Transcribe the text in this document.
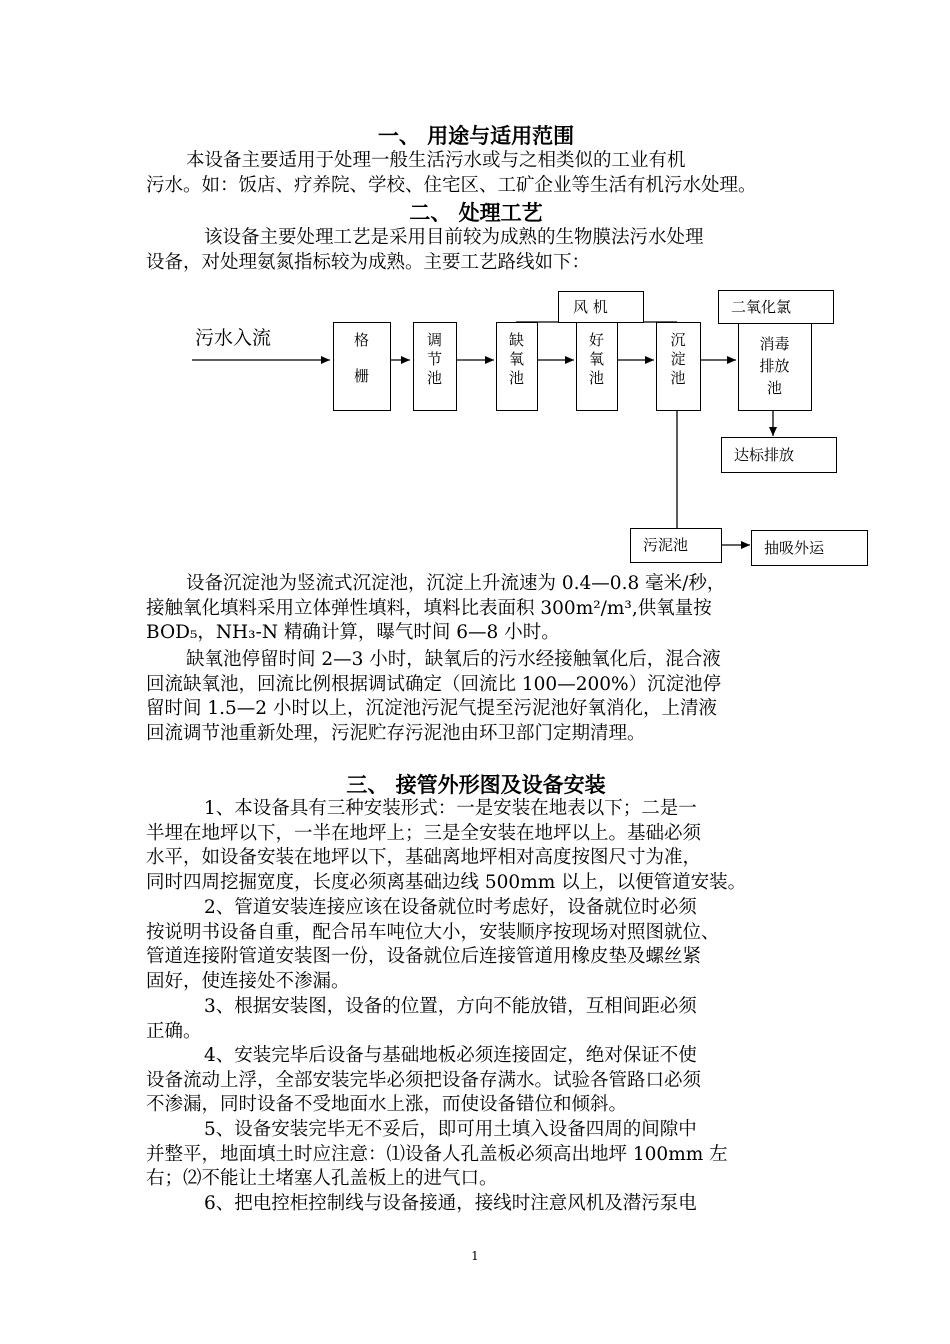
一、 用途与适用范围

本设备主要适用于处理一般生活污水或与之相类似的工业有机
污水。如：饭店、疗养院、学校、住宅区、工矿企业等生活有机污水处理。

二、 处理工艺

该设备主要处理工艺是采用目前较为成熟的生物膜法污水处理
设备，对处理氨氮指标较为成熟。主要工艺路线如下：

污水入流	格

栅
调
节
池
缺
氧
池
好
氧
池
沉
淀
池
消毒
排放
池
风 机	二氧化氯
达标排放
污泥池	抽吸外运

设备沉淀池为竖流式沉淀池，沉淀上升流速为 0.4—0.8 毫米/秒，
接触氧化填料采用立体弹性填料，填料比表面积 300m²/m³,供氧量按
BOD₅，NH₃-N 精确计算，曝气时间 6—8 小时。

缺氧池停留时间 2—3 小时，缺氧后的污水经接触氧化后，混合液
回流缺氧池，回流比例根据调试确定（回流比 100—200%）沉淀池停
留时间 1.5—2 小时以上，沉淀池污泥气提至污泥池好氧消化，上清液
回流调节池重新处理，污泥贮存污泥池由环卫部门定期清理。

三、 接管外形图及设备安装

1、本设备具有三种安装形式：一是安装在地表以下；二是一
半埋在地坪以下，一半在地坪上；三是全安装在地坪以上。基础必须
水平，如设备安装在地坪以下，基础离地坪相对高度按图尺寸为准，
同时四周挖掘宽度，长度必须离基础边线 500mm 以上，以便管道安装。

2、管道安装连接应该在设备就位时考虑好，设备就位时必须
按说明书设备自重，配合吊车吨位大小，安装顺序按现场对照图就位、
管道连接附管道安装图一份，设备就位后连接管道用橡皮垫及螺丝紧
固好，使连接处不渗漏。

3、根据安装图，设备的位置，方向不能放错，互相间距必须
正确。

4、安装完毕后设备与基础地板必须连接固定，绝对保证不使
设备流动上浮，全部安装完毕必须把设备存满水。试验各管路口必须
不渗漏，同时设备不受地面水上涨，而使设备错位和倾斜。

5、设备安装完毕无不妥后，即可用土填入设备四周的间隙中
并整平，地面填土时应注意：⑴设备人孔盖板必须高出地坪 100mm 左
右；⑵不能让土堵塞人孔盖板上的进气口。

6、把电控柜控制线与设备接通，接线时注意风机及潜污泵电

1
